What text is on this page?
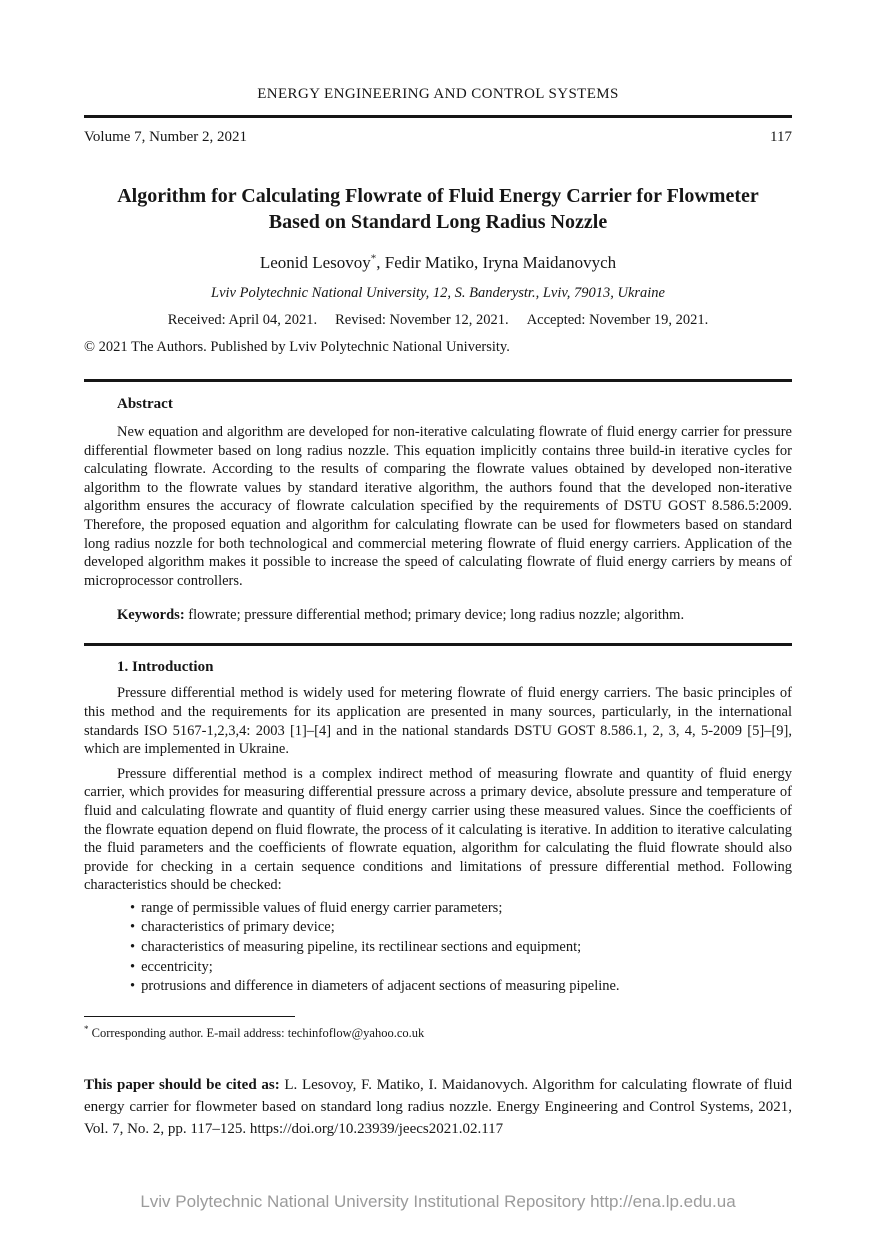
ENERGY ENGINEERING AND CONTROL SYSTEMS
Volume 7, Number 2, 2021	117
Algorithm for Calculating Flowrate of Fluid Energy Carrier for Flowmeter
Based on Standard Long Radius Nozzle
Leonid Lesovoy*, Fedir Matiko, Iryna Maidanovych
Lviv Polytechnic National University, 12, S. Banderystr., Lviv, 79013, Ukraine
Received: April 04, 2021. Revised: November 12, 2021. Accepted: November 19, 2021.
© 2021 The Authors. Published by Lviv Polytechnic National University.
Abstract

New equation and algorithm are developed for non-iterative calculating flowrate of fluid energy carrier for pressure differential flowmeter based on long radius nozzle. This equation implicitly contains three build-in iterative cycles for calculating flowrate. According to the results of comparing the flowrate values obtained by developed non-iterative algorithm to the flowrate values by standard iterative algorithm, the authors found that the developed non-iterative algorithm ensures the accuracy of flowrate calculation specified by the requirements of DSTU GOST 8.586.5:2009. Therefore, the proposed equation and algorithm for calculating flowrate can be used for flowmeters based on standard long radius nozzle for both technological and commercial metering flowrate of fluid energy carriers. Application of the developed algorithm makes it possible to increase the speed of calculating flowrate of fluid energy carriers by means of microprocessor controllers.

Keywords: flowrate; pressure differential method; primary device; long radius nozzle; algorithm.
1. Introduction

Pressure differential method is widely used for metering flowrate of fluid energy carriers. The basic principles of this method and the requirements for its application are presented in many sources, particularly, in the international standards ISO 5167-1,2,3,4: 2003 [1]–[4] and in the national standards DSTU GOST 8.586.1, 2, 3, 4, 5-2009 [5]–[9], which are implemented in Ukraine.

Pressure differential method is a complex indirect method of measuring flowrate and quantity of fluid energy carrier, which provides for measuring differential pressure across a primary device, absolute pressure and temperature of fluid and calculating flowrate and quantity of fluid energy carrier using these measured values. Since the coefficients of the flowrate equation depend on fluid flowrate, the process of it calculating is iterative. In addition to iterative calculating the fluid parameters and the coefficients of flowrate equation, algorithm for calculating the fluid flowrate should also provide for checking in a certain sequence conditions and limitations of pressure differential method. Following characteristics should be checked:

• range of permissible values of fluid energy carrier parameters;
• characteristics of primary device;
• characteristics of measuring pipeline, its rectilinear sections and equipment;
• eccentricity;
• protrusions and difference in diameters of adjacent sections of measuring pipeline.
* Corresponding author. E-mail address: techinfoflow@yahoo.co.uk

This paper should be cited as: L. Lesovoy, F. Matiko, I. Maidanovych. Algorithm for calculating flowrate of fluid energy carrier for flowmeter based on standard long radius nozzle. Energy Engineering and Control Systems, 2021, Vol. 7, No. 2, pp. 117–125. https://doi.org/10.23939/jeecs2021.02.117

Lviv Polytechnic National University Institutional Repository http://ena.lp.edu.ua
